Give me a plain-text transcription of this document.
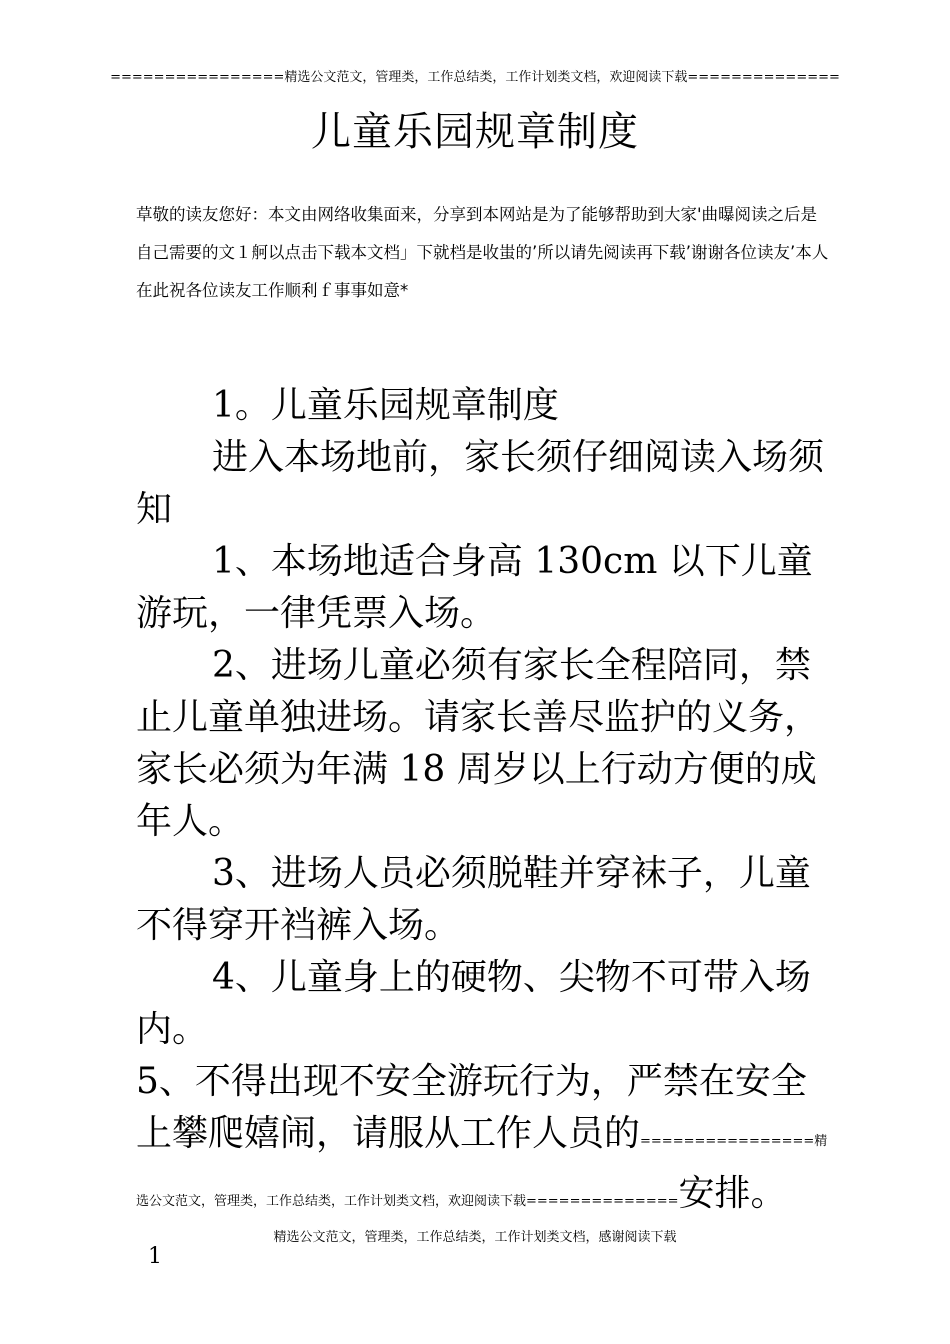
================精选公文范文，管理类，工作总结类，工作计划类文档，欢迎阅读下载==============
儿童乐园规章制度
草敬的读友您好：本文由网络收集面来，分享到本网站是为了能够帮助到大家'曲曝阅读之后是自己需要的文１舸以点击下载本文档」下就档是收蚩的’所以请先阅读再下载’谢谢各位读友’本人在此祝各位读友工作顺利ｆ事事如意*

1。儿童乐园规章制度

进入本场地前，家长须仔细阅读入场须知

1、本场地适合身高 130cm 以下儿童游玩，一律凭票入场。

2、进场儿童必须有家长全程陪同，禁止儿童单独进场。请家长善尽监护的义务，家长必须为年满 18 周岁以上行动方便的成年人。

3、进场人员必须脱鞋并穿袜子，儿童不得穿开裆裤入场。

4、儿童身上的硬物、尖物不可带入场内。

5、不得出现不安全游玩行为，严禁在安全上攀爬嬉闹，请服从工作人员的================精选公文范文，管理类，工作总结类，工作计划类文档，欢迎阅读下载==============安排。

精选公文范文，管理类，工作总结类，工作计划类文档，感谢阅读下载
1
